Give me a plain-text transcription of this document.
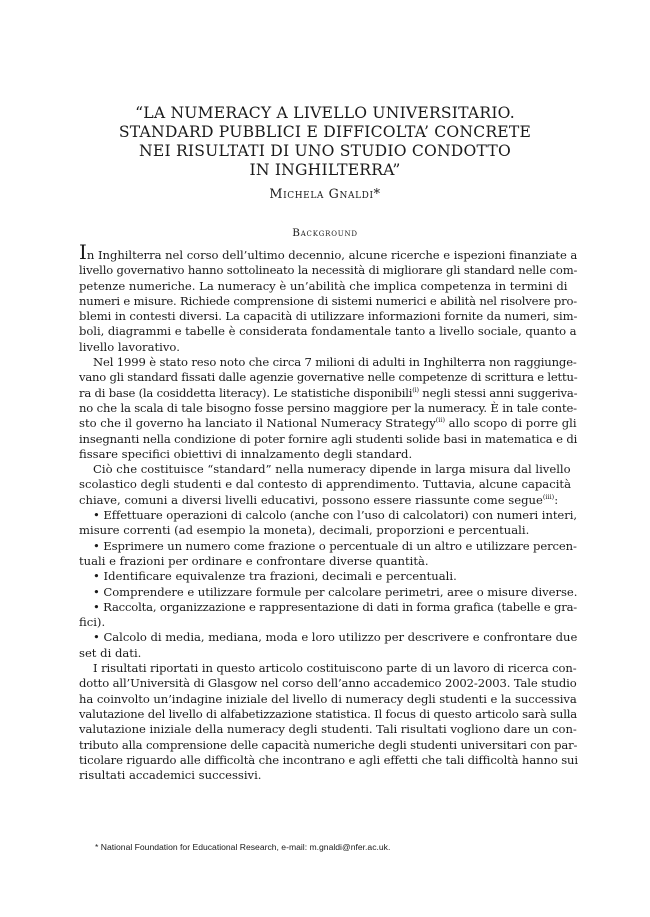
“LA NUMERACY A LIVELLO UNIVERSITARIO.
STANDARD PUBBLICI E DIFFICOLTA’ CONCRETE
NEI RISULTATI DI UNO STUDIO CONDOTTO
IN INGHILTERRA”
Michela Gnaldi*
Background
In Inghilterra nel corso dell’ultimo decennio, alcune ricerche e ispezioni finanziate a
livello governativo hanno sottolineato la necessità di migliorare gli standard nelle com-
petenze numeriche. La numeracy è un’abilità che implica competenza in termini di
numeri e misure. Richiede comprensione di sistemi numerici e abilità nel risolvere pro-
blemi in contesti diversi. La capacità di utilizzare informazioni fornite da numeri, sim-
boli, diagrammi e tabelle è considerata fondamentale tanto a livello sociale, quanto a
livello lavorativo.
Nel 1999 è stato reso noto che circa 7 milioni di adulti in Inghilterra non raggiunge-
vano gli standard fissati dalle agenzie governative nelle competenze di scrittura e lettu-
ra di base (la cosiddetta literacy). Le statistiche disponibili$^{(i)}$ negli stessi anni suggeriva-
no che la scala di tale bisogno fosse persino maggiore per la numeracy. È in tale conte-
sto che il governo ha lanciato il National Numeracy Strategy$^{(ii)}$ allo scopo di porre gli
insegnanti nella condizione di poter fornire agli studenti solide basi in matematica e di
fissare specifici obiettivi di innalzamento degli standard.
Ciò che costituisce “standard” nella numeracy dipende in larga misura dal livello
scolastico degli studenti e dal contesto di apprendimento. Tuttavia, alcune capacità
chiave, comuni a diversi livelli educativi, possono essere riassunte come segue$^{(iii)}$:
• Effettuare operazioni di calcolo (anche con l’uso di calcolatori) con numeri interi,
misure correnti (ad esempio la moneta), decimali, proporzioni e percentuali.
• Esprimere un numero come frazione o percentuale di un altro e utilizzare percen-
tuali e frazioni per ordinare e confrontare diverse quantità.
• Identificare equivalenze tra frazioni, decimali e percentuali.
• Comprendere e utilizzare formule per calcolare perimetri, aree o misure diverse.
• Raccolta, organizzazione e rappresentazione di dati in forma grafica (tabelle e gra-
fici).
• Calcolo di media, mediana, moda e loro utilizzo per descrivere e confrontare due
set di dati.
I risultati riportati in questo articolo costituiscono parte di un lavoro di ricerca con-
dotto all’Università di Glasgow nel corso dell’anno accademico 2002-2003. Tale studio
ha coinvolto un’indagine iniziale del livello di numeracy degli studenti e la successiva
valutazione del livello di alfabetizzazione statistica. Il focus di questo articolo sarà sulla
valutazione iniziale della numeracy degli studenti. Tali risultati vogliono dare un con-
tributo alla comprensione delle capacità numeriche degli studenti universitari con par-
ticolare riguardo alle difficoltà che incontrano e agli effetti che tali difficoltà hanno sui
risultati accademici successivi.
* National Foundation for Educational Research, e-mail: m.gnaldi@nfer.ac.uk.
